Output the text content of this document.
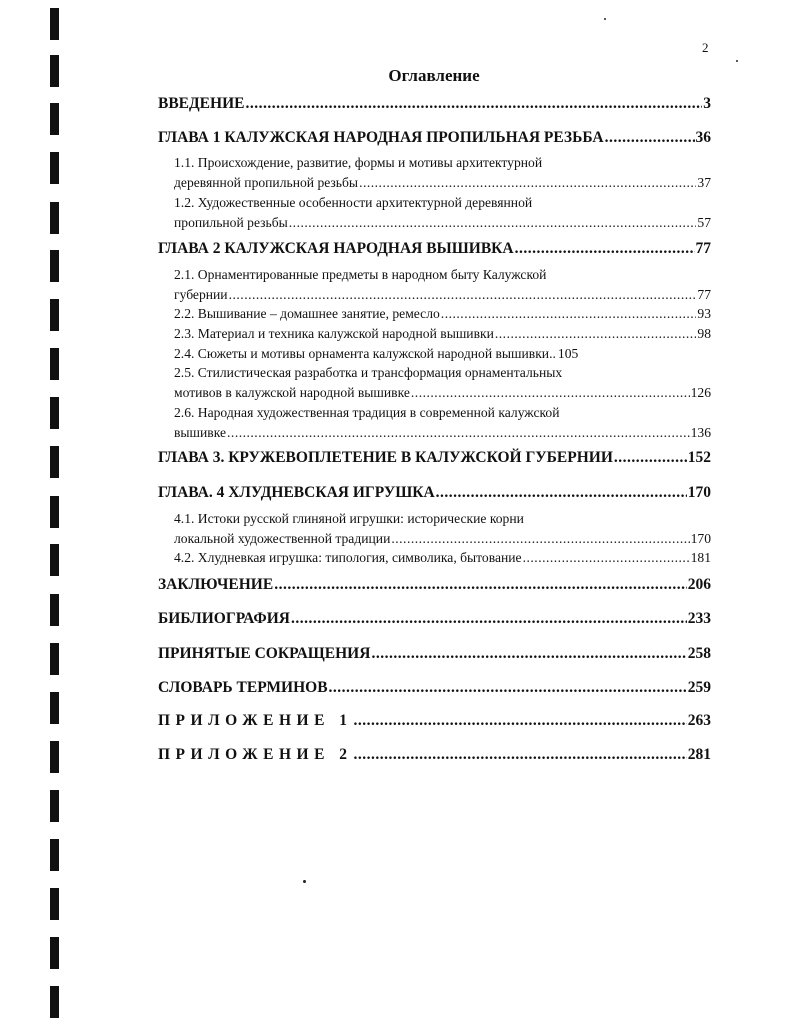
2
Оглавление
ВВЕДЕНИЕ .....	3
ГЛАВА 1 КАЛУЖСКАЯ НАРОДНАЯ ПРОПИЛЬНАЯ РЕЗЬБА .....	36
1.1. Происхождение, развитие, формы и мотивы архитектурной
деревянной пропильной резьбы .....	37
1.2. Художественные особенности архитектурной деревянной
пропильной резьбы .....	57
ГЛАВА 2 КАЛУЖСКАЯ НАРОДНАЯ ВЫШИВКА .....	77
2.1. Орнаментированные предметы в народном быту Калужской
губернии .....	77
2.2. Вышивание – домашнее занятие, ремесло .....	93
2.3. Материал и техника калужской народной вышивки .....	98
2.4. Сюжеты и мотивы орнамента калужской народной вышивки.. 105
2.5. Стилистическая разработка и трансформация орнаментальных
мотивов в калужской народной вышивке .....	126
2.6. Народная художественная традиция в современной калужской
вышивке .....	136
ГЛАВА 3. КРУЖЕВОПЛЕТЕНИЕ В КАЛУЖСКОЙ ГУБЕРНИИ .....	152
ГЛАВА. 4 ХЛУДНЕВСКАЯ ИГРУШКА .....	170
4.1. Истоки русской глиняной игрушки: исторические корни
локальной художественной традиции .....	170
4.2. Хлудневкая игрушка: типология, символика, бытование .....	181
ЗАКЛЮЧЕНИЕ .....	206
БИБЛИОГРАФИЯ .....	233
ПРИНЯТЫЕ СОКРАЩЕНИЯ .....	258
СЛОВАРЬ ТЕРМИНОВ .....	259
ПРИЛОЖЕНИЕ 1 .....	263
ПРИЛОЖЕНИЕ 2 .....	281
